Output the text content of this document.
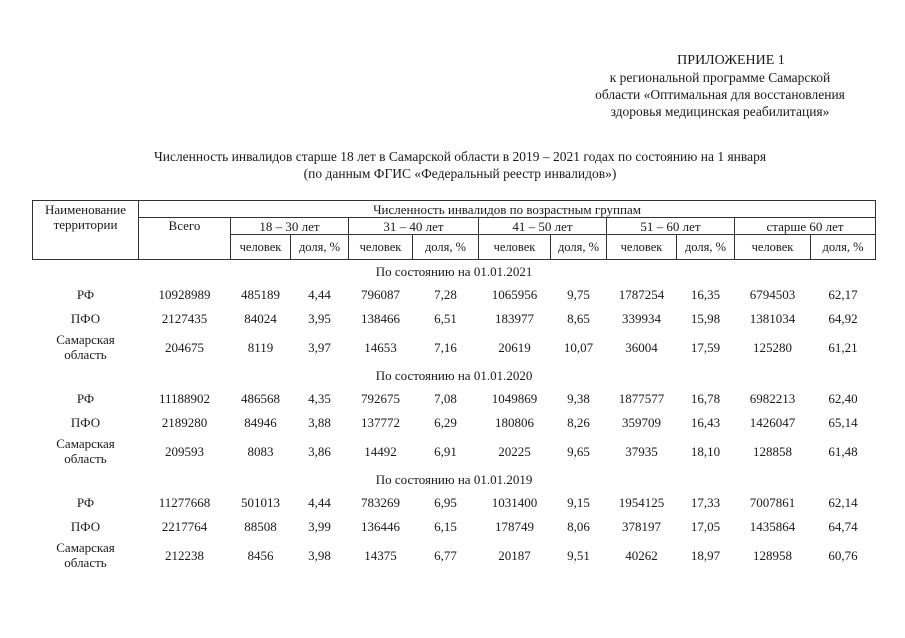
ПРИЛОЖЕНИЕ 1
к региональной программе Самарской
области «Оптимальная для восстановления
здоровья медицинская реабилитация»
Численность инвалидов старше 18 лет в Самарской области в 2019 – 2021 годах по состоянию на 1 января
(по данным ФГИС «Федеральный реестр инвалидов»)
Наименование
территории	Численность инвалидов по возрастным группам										
	Всего	18 – 30 лет		31 – 40 лет		41 – 50 лет		51 – 60 лет		старше 60 лет	
		человек	доля, %	человек	доля, %	человек	доля, %	человек	доля, %	человек	доля, %
По состоянию на 01.01.2021											

РФ	10928989	485189	4,44	796087	7,28	1065956	9,75	1787254	16,35	6794503	62,17

ПФО	2127435	84024	3,95	138466	6,51	183977	8,65	339934	15,98	1381034	64,92

Самарская
область	204675	8119	3,97	14653	7,16	20619	10,07	36004	17,59	125280	61,21
По состоянию на 01.01.2020											

РФ	11188902	486568	4,35	792675	7,08	1049869	9,38	1877577	16,78	6982213	62,40

ПФО	2189280	84946	3,88	137772	6,29	180806	8,26	359709	16,43	1426047	65,14

Самарская
область	209593	8083	3,86	14492	6,91	20225	9,65	37935	18,10	128858	61,48
По состоянию на 01.01.2019											

РФ	11277668	501013	4,44	783269	6,95	1031400	9,15	1954125	17,33	7007861	62,14

ПФО	2217764	88508	3,99	136446	6,15	178749	8,06	378197	17,05	1435864	64,74

Самарская
область	212238	8456	3,98	14375	6,77	20187	9,51	40262	18,97	128958	60,76
